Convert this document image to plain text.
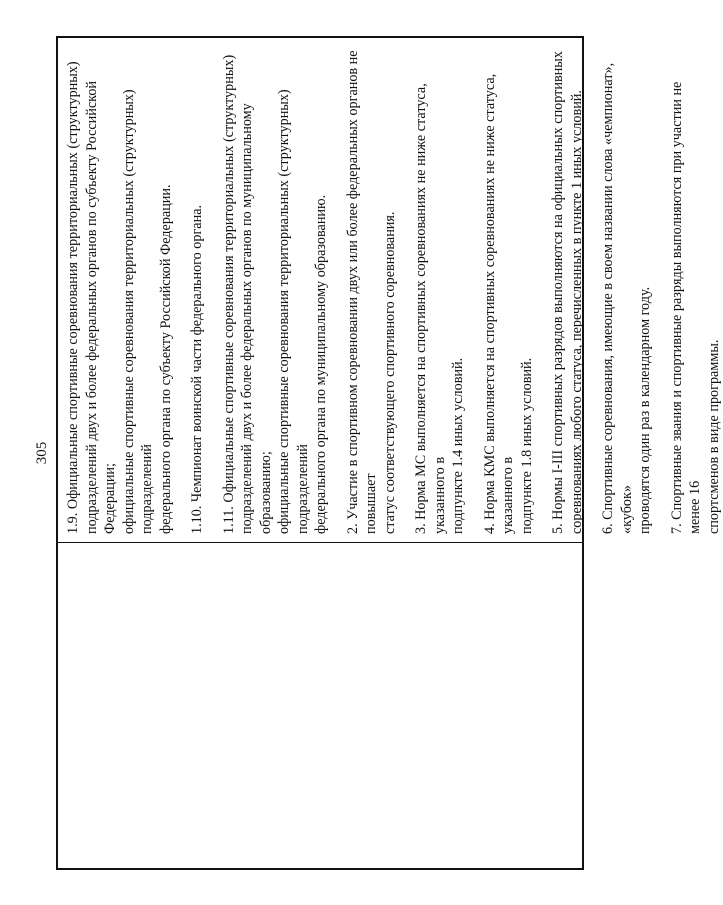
305

1.9. Официальные спортивные соревнования территориальных (структурных)
подразделений двух и более федеральных органов по субъекту Российской Федерации;
официальные спортивные соревнования территориальных (структурных) подразделений
федерального органа по субъекту Российской Федерации. 1.10. Чемпионат воинской части федерального органа. 1.11. Официальные спортивные соревнования территориальных (структурных)
подразделений двух и более федеральных органов по муниципальному образованию;
официальные спортивные соревнования территориальных (структурных) подразделений
федерального органа по муниципальному образованию.

2. Участие в спортивном соревновании двух или более федеральных органов не повышает
статус соответствующего спортивного соревнования.

3. Норма МС выполняется на спортивных соревнованиях не ниже статуса, указанного в
подпункте 1.4 иных условий.

4. Норма КМС выполняется на спортивных соревнованиях не ниже статуса, указанного в
подпункте 1.8 иных условий.

5. Нормы I-III спортивных разрядов выполняются на официальных спортивных
соревнованиях любого статуса, перечисленных в пункте 1 иных условий.

6. Спортивные соревнования, имеющие в своем названии слова «чемпионат», «кубок»
проводятся один раз в календарном году.

7. Спортивные звания и спортивные разряды выполняются при участии не менее 16
спортсменов в виде программы.
